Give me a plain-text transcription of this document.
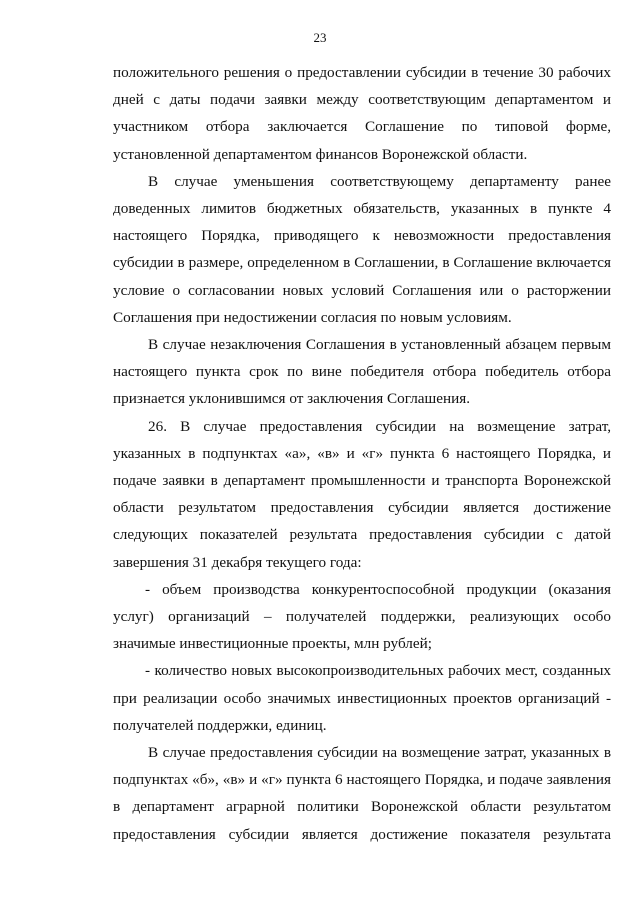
23

положительного решения о предоставлении субсидии в течение 30 рабочих дней с даты подачи заявки между соответствующим департаментом и участником отбора заключается Соглашение по типовой форме, установленной департаментом финансов Воронежской области.

В случае уменьшения соответствующему департаменту ранее доведенных лимитов бюджетных обязательств, указанных в пункте 4 настоящего Порядка, приводящего к невозможности предоставления субсидии в размере, определенном в Соглашении, в Соглашение включается условие о согласовании новых условий Соглашения или о расторжении Соглашения при недостижении согласия по новым условиям.

В случае незаключения Соглашения в установленный абзацем первым настоящего пункта срок по вине победителя отбора победитель отбора признается уклонившимся от заключения Соглашения.

26. В случае предоставления субсидии на возмещение затрат, указанных в подпунктах «а», «в» и «г» пункта 6 настоящего Порядка, и подаче заявки в департамент промышленности и транспорта Воронежской области результатом предоставления субсидии является достижение следующих показателей результата предоставления субсидии с датой завершения 31 декабря текущего года:

- объем производства конкурентоспособной продукции (оказания услуг) организаций – получателей поддержки, реализующих особо значимые инвестиционные проекты, млн рублей;

- количество новых высокопроизводительных рабочих мест, созданных при реализации особо значимых инвестиционных проектов организаций - получателей поддержки, единиц.

В случае предоставления субсидии на возмещение затрат, указанных в подпунктах «б», «в» и «г» пункта 6 настоящего Порядка, и подаче заявления в департамент аграрной политики Воронежской области результатом предоставления субсидии является достижение показателя результата
